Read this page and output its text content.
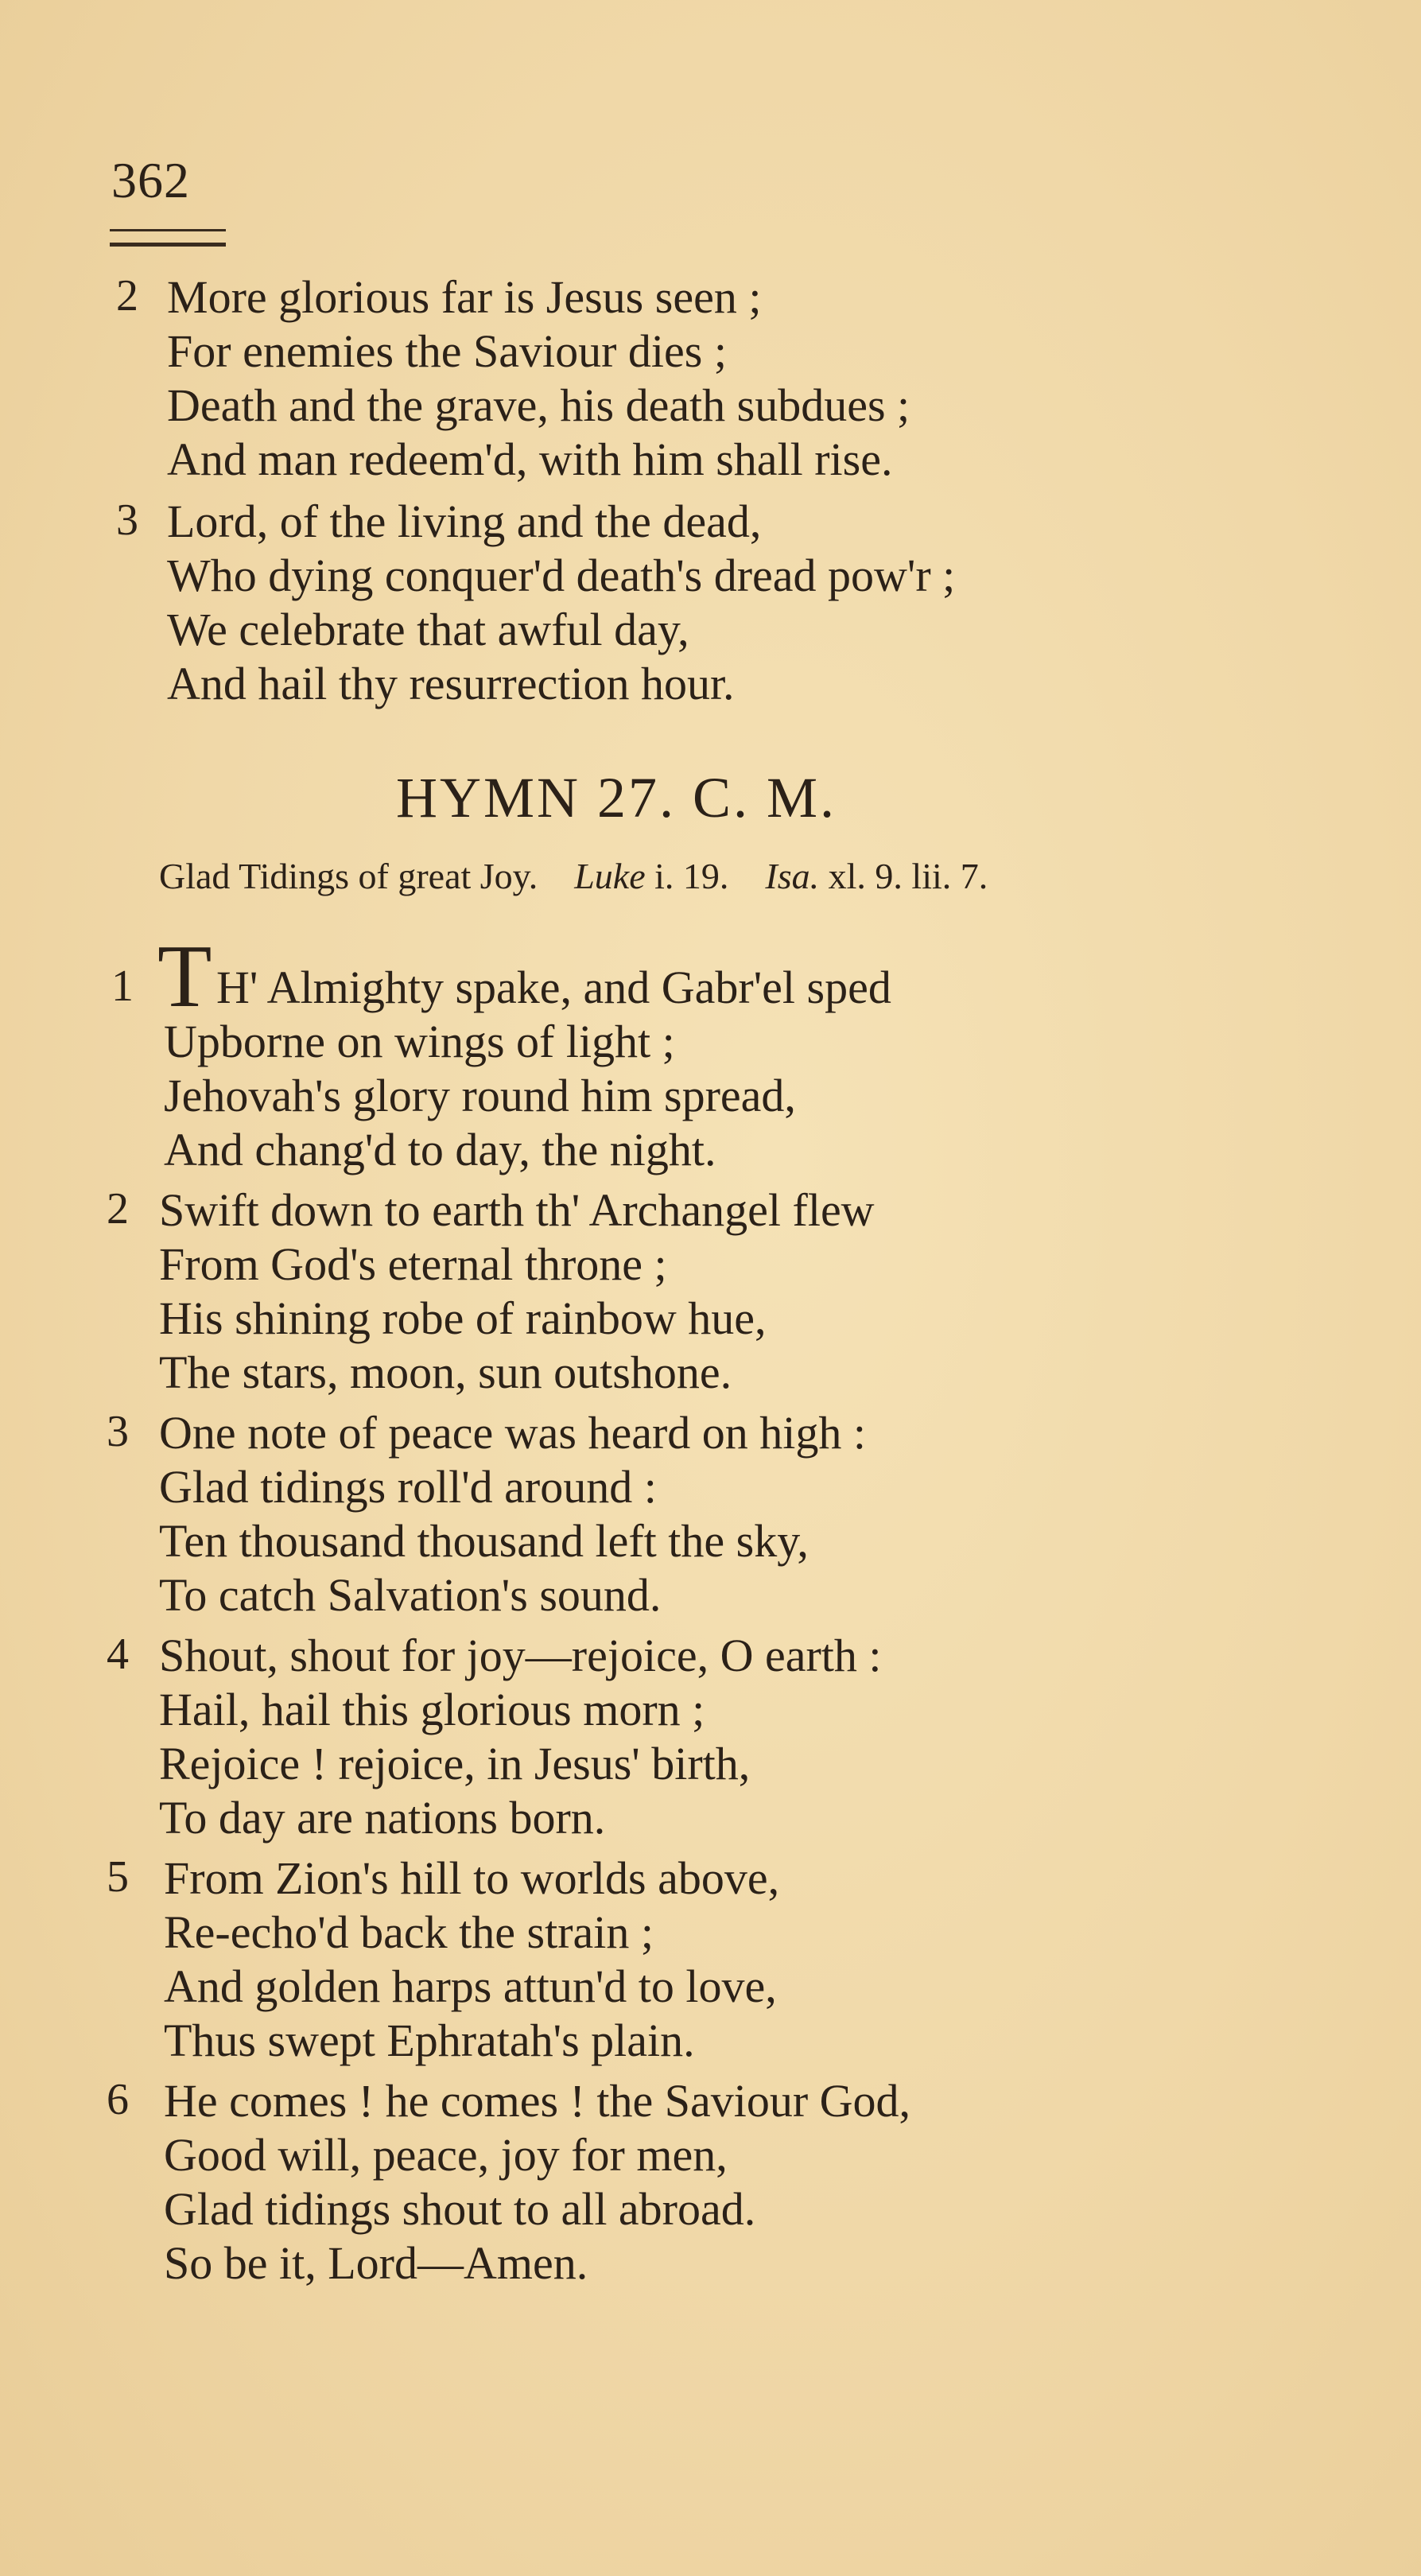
362
2 More glorious far is Jesus seen ;
For enemies the Saviour dies ;
Death and the grave, his death subdues ;
And man redeem'd, with him shall rise.
3 Lord, of the living and the dead,
Who dying conquer'd death's dread pow'r ;
We celebrate that awful day,
And hail thy resurrection hour.
HYMN 27. C. M.
Glad Tidings of great Joy. Luke i. 19. Isa. xl. 9. lii. 7.
1 T H' Almighty spake, and Gabr'el sped
Upborne on wings of light ;
Jehovah's glory round him spread,
And chang'd to day, the night.
2 Swift down to earth th' Archangel flew
From God's eternal throne ;
His shining robe of rainbow hue,
The stars, moon, sun outshone.
3 One note of peace was heard on high :
Glad tidings roll'd around :
Ten thousand thousand left the sky,
To catch Salvation's sound.
4 Shout, shout for joy—rejoice, O earth :
Hail, hail this glorious morn ;
Rejoice ! rejoice, in Jesus' birth,
To day are nations born.
5 From Zion's hill to worlds above,
Re-echo'd back the strain ;
And golden harps attun'd to love,
Thus swept Ephratah's plain.
6 He comes ! he comes ! the Saviour God,
Good will, peace, joy for men,
Glad tidings shout to all abroad.
So be it, Lord—Amen.
